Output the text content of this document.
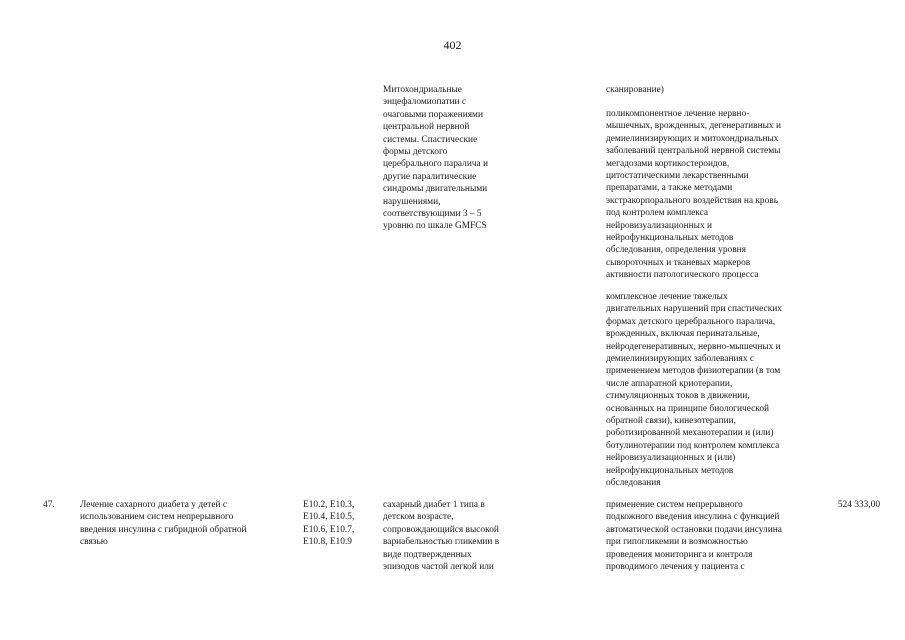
402
Митохондриальные
энцефаломиопатии с
очаговыми поражениями
центральной нервной
системы. Спастические
формы детского
церебрального паралича и
другие паралитические
синдромы двигательными
нарушениями,
соответствующими 3 – 5
уровню по шкале GMFCS
сканирование)
поликомпонентное лечение нервно-
мышечных, врожденных, дегенеративных и
демиелинизирующих и митохондриальных
заболеваний центральной нервной системы
мегадозами кортикостероидов,
цитостатическими лекарственными
препаратами, а также методами
экстракорпорального воздействия на кровь
под контролем комплекса
нейровизуализационных и
нейрофункциональных методов
обследования, определения уровня
сывороточных и тканевых маркеров
активности патологического процесса
комплексное лечение тяжелых
двигательных нарушений при спастических
формах детского церебрального паралича,
врожденных, включая перинатальные,
нейродегенеративных, нервно-мышечных и
демиелинизирующих заболеваниях с
применением методов физиотерапии (в том
числе аппаратной криотерапии,
стимуляционных токов в движении,
основанных на принципе биологической
обратной связи), кинезотерапии,
роботизированной механотерапии и (или)
ботулинотерапии под контролем комплекса
нейровизуализационных и (или)
нейрофункциональных методов
обследования
47.	Лечение сахарного диабета у детей с
использованием систем непрерывного
введения инсулина с гибридной обратной
связью
E10.2, E10.3,
E10.4, E10.5,
E10.6, E10.7,
E10.8, E10.9
сахарный диабет 1 типа в
детском возрасте,
сопровождающийся высокой
вариабельностью гликемии в
виде подтвержденных
эпизодов частой легкой или
применение систем непрерывного
подкожного введения инсулина с функцией
автоматической остановки подачи инсулина
при гипогликемии и возможностью
проведения мониторинга и контроля
проводимого лечения у пациента с
524 333,00
